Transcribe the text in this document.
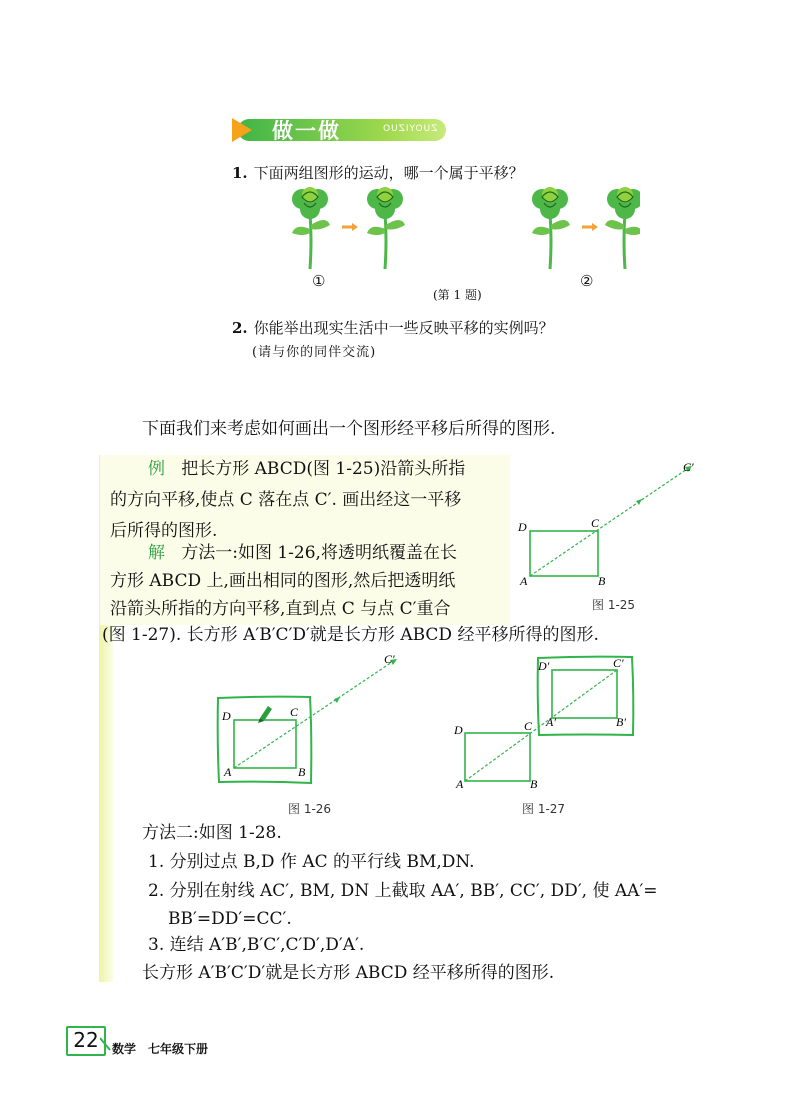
做一做	ZUOYIZUO
1. 下面两组图形的运动，哪一个属于平移？
①	②
(第 1 题)
2. 你能举出现实生活中一些反映平移的实例吗？
(请与你的同伴交流)
下面我们来考虑如何画出一个图形经平移后所得的图形.
例 把长方形 ABCD(图 1-25)沿箭头所指
的方向平移,使点 C 落在点 C′. 画出经这一平移
后所得的图形.
解 方法一:如图 1-26,将透明纸覆盖在长
方形 ABCD 上,画出相同的图形,然后把透明纸
沿箭头所指的方向平移,直到点 C 与点 C′重合
(图 1-27). 长方形 A′B′C′D′就是长方形 ABCD 经平移所得的图形.
D	C
A	B
C′
图 1-25
D	C
A	B
C′
图 1-26
D′	C′
A′	B′
D	C
A	B
图 1-27
方法二:如图 1-28.
1. 分别过点 B,D 作 AC 的平行线 BM,DN.
2. 分别在射线 AC′, BM, DN 上截取 AA′, BB′, CC′, DD′, 使 AA′=
BB′=DD′=CC′.
3. 连结 A′B′,B′C′,C′D′,D′A′.
长方形 A′B′C′D′就是长方形 ABCD 经平移所得的图形.
22	数学　七年级下册
